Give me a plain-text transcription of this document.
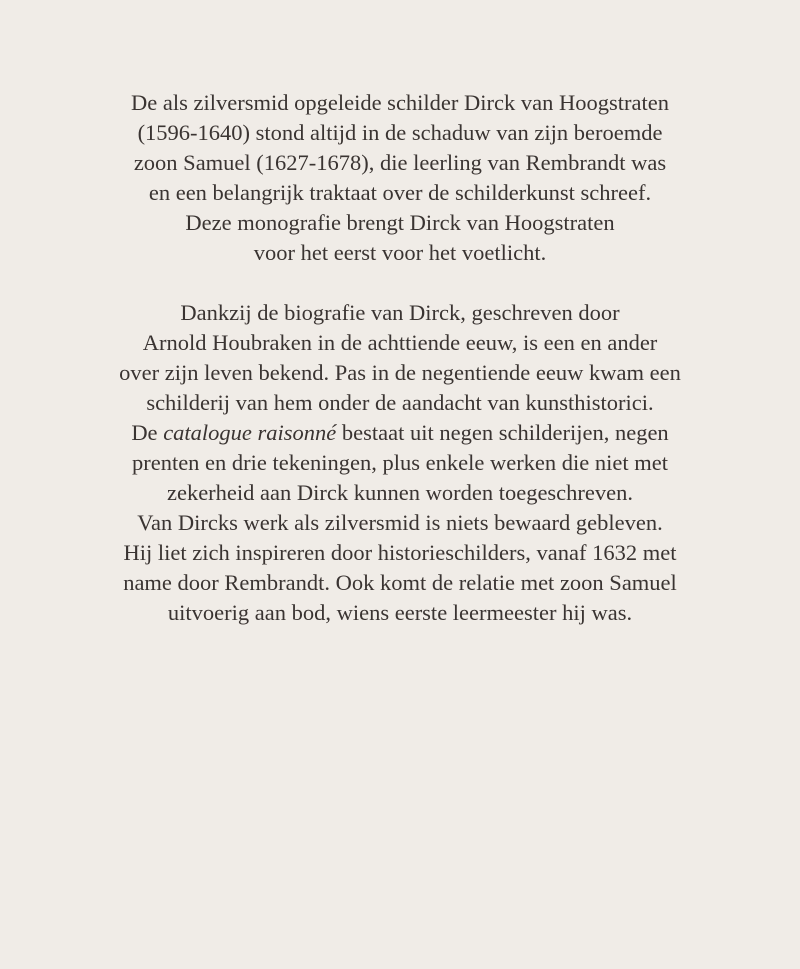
De als zilversmid opgeleide schilder Dirck van Hoogstraten
(1596-1640) stond altijd in de schaduw van zijn beroemde
zoon Samuel (1627-1678), die leerling van Rembrandt was
en een belangrijk traktaat over de schilderkunst schreef.
Deze monografie brengt Dirck van Hoogstraten
voor het eerst voor het voetlicht.

Dankzij de biografie van Dirck, geschreven door
Arnold Houbraken in de achttiende eeuw, is een en ander
over zijn leven bekend. Pas in de negentiende eeuw kwam een
schilderij van hem onder de aandacht van kunsthistorici.
De catalogue raisonné bestaat uit negen schilderijen, negen
prenten en drie tekeningen, plus enkele werken die niet met
zekerheid aan Dirck kunnen worden toegeschreven.
Van Dircks werk als zilversmid is niets bewaard gebleven.
Hij liet zich inspireren door historieschilders, vanaf 1632 met
name door Rembrandt. Ook komt de relatie met zoon Samuel
uitvoerig aan bod, wiens eerste leermeester hij was.
